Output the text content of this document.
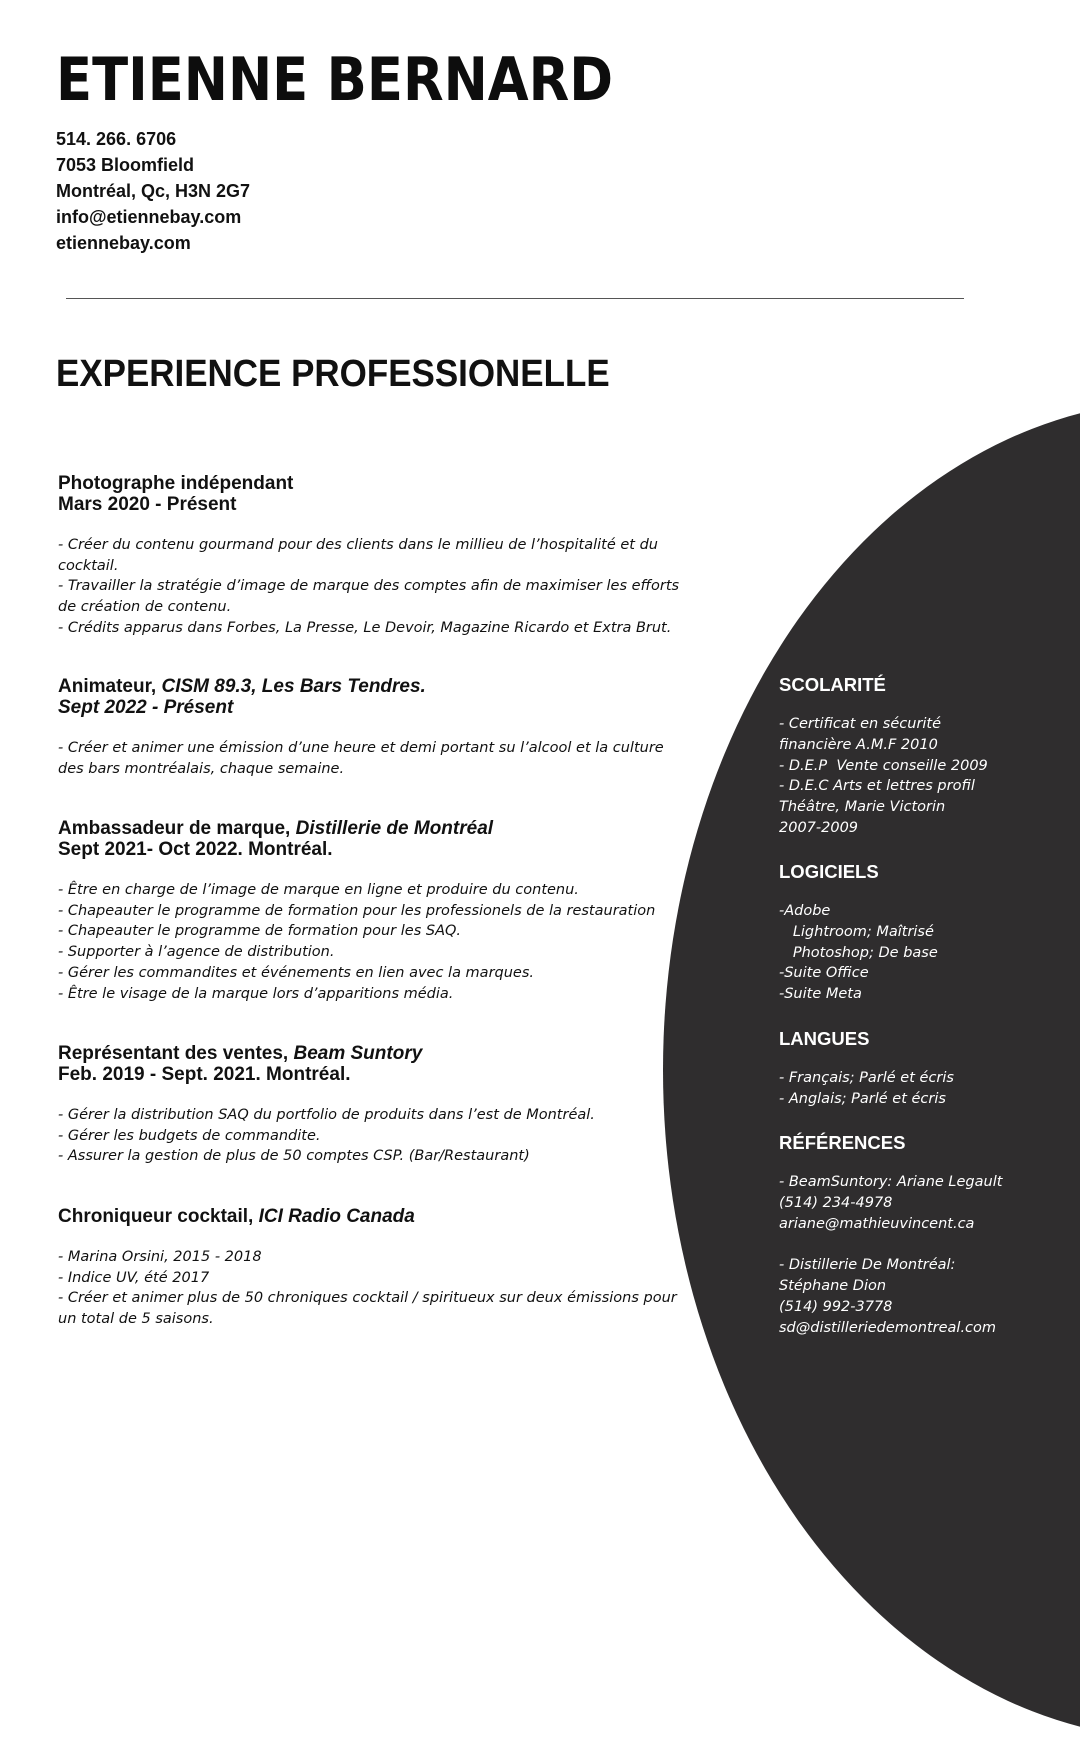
ETIENNE BERNARD
514. 266. 6706
7053 Bloomfield
Montréal, Qc, H3N 2G7
info@etiennebay.com
etiennebay.com
EXPERIENCE PROFESSIONELLE
Photographe indépendant
Mars 2020 - Présent
- Créer du contenu gourmand pour des clients dans le millieu de l’hospitalité et du
cocktail.
- Travailler la stratégie d’image de marque des comptes afin de maximiser les efforts
de création de contenu.
- Crédits apparus dans Forbes, La Presse, Le Devoir, Magazine Ricardo et Extra Brut.
Animateur, CISM 89.3, Les Bars Tendres.
Sept 2022 - Présent
- Créer et animer une émission d’une heure et demi portant su l’alcool et la culture
des bars montréalais, chaque semaine.
Ambassadeur de marque, Distillerie de Montréal
Sept 2021- Oct 2022. Montréal.
- Être en charge de l’image de marque en ligne et produire du contenu.
- Chapeauter le programme de formation pour les professionels de la restauration
- Chapeauter le programme de formation pour les SAQ.
- Supporter à l’agence de distribution.
- Gérer les commandites et événements en lien avec la marques.
- Être le visage de la marque lors d’apparitions média.
Représentant des ventes, Beam Suntory
Feb. 2019 - Sept. 2021. Montréal.
- Gérer la distribution SAQ du portfolio de produits dans l’est de Montréal.
- Gérer les budgets de commandite.
- Assurer la gestion de plus de 50 comptes CSP. (Bar/Restaurant)
Chroniqueur cocktail, ICI Radio Canada
- Marina Orsini, 2015 - 2018
- Indice UV, été 2017
- Créer et animer plus de 50 chroniques cocktail / spiritueux sur deux émissions pour
un total de 5 saisons.
SCOLARITÉ
- Certificat en sécurité
financière A.M.F 2010
- D.E.P  Vente conseille 2009
- D.E.C Arts et lettres profil
Théâtre, Marie Victorin
2007-2009
LOGICIELS
-Adobe
Lightroom; Maîtrisé
Photoshop; De base
-Suite Office
-Suite Meta
LANGUES
- Français; Parlé et écris
- Anglais; Parlé et écris
RÉFÉRENCES
- BeamSuntory: Ariane Legault
(514) 234-4978
ariane@mathieuvincent.ca
- Distillerie De Montréal:
Stéphane Dion
(514) 992-3778
sd@distilleriedemontreal.com
